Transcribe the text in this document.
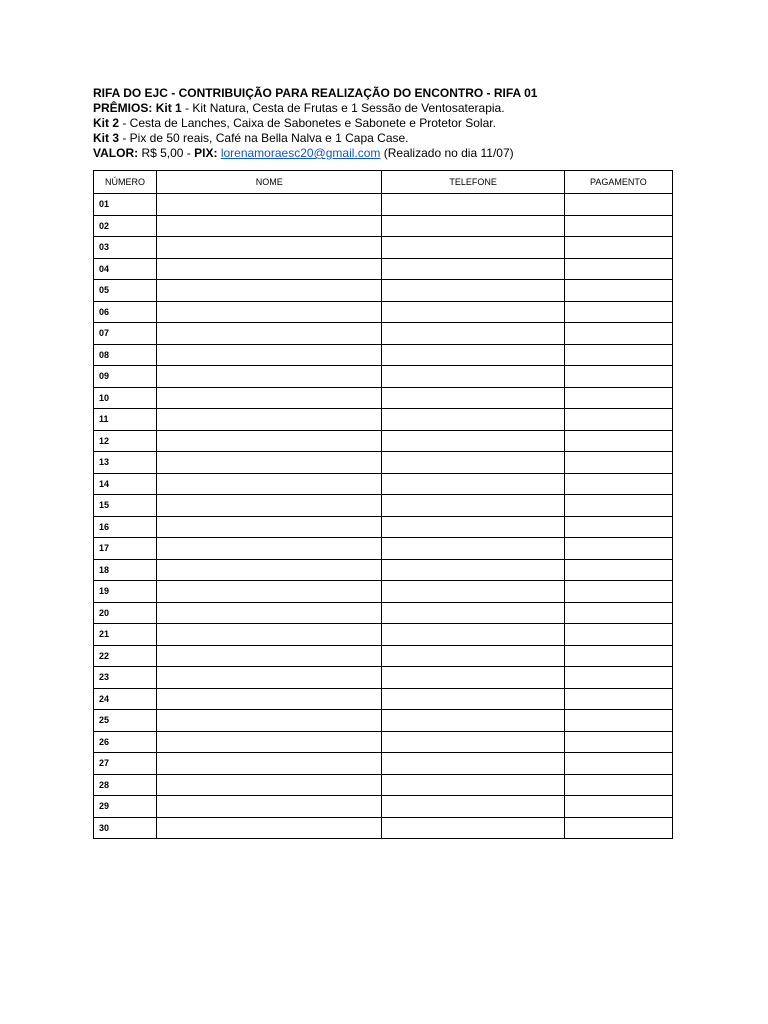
RIFA DO EJC - CONTRIBUIÇÃO PARA REALIZAÇÃO DO ENCONTRO - RIFA 01
PRÊMIOS: Kit 1 - Kit Natura, Cesta de Frutas e 1 Sessão de Ventosaterapia.
Kit 2 - Cesta de Lanches, Caixa de Sabonetes e Sabonete e Protetor Solar.
Kit 3 - Pix de 50 reais, Café na Bella Nalva e 1 Capa Case.
VALOR: R$ 5,00 - PIX: lorenamoraesc20@gmail.com (Realizado no dia 11/07)
NÚMERO	NOME	TELEFONE	PAGAMENTO
01			
02			
03			
04			
05			
06			
07			
08			
09			
10			
11			
12			
13			
14			
15			
16			
17			
18			
19			
20			
21			
22			
23			
24			
25			
26			
27			
28			
29			
30			
